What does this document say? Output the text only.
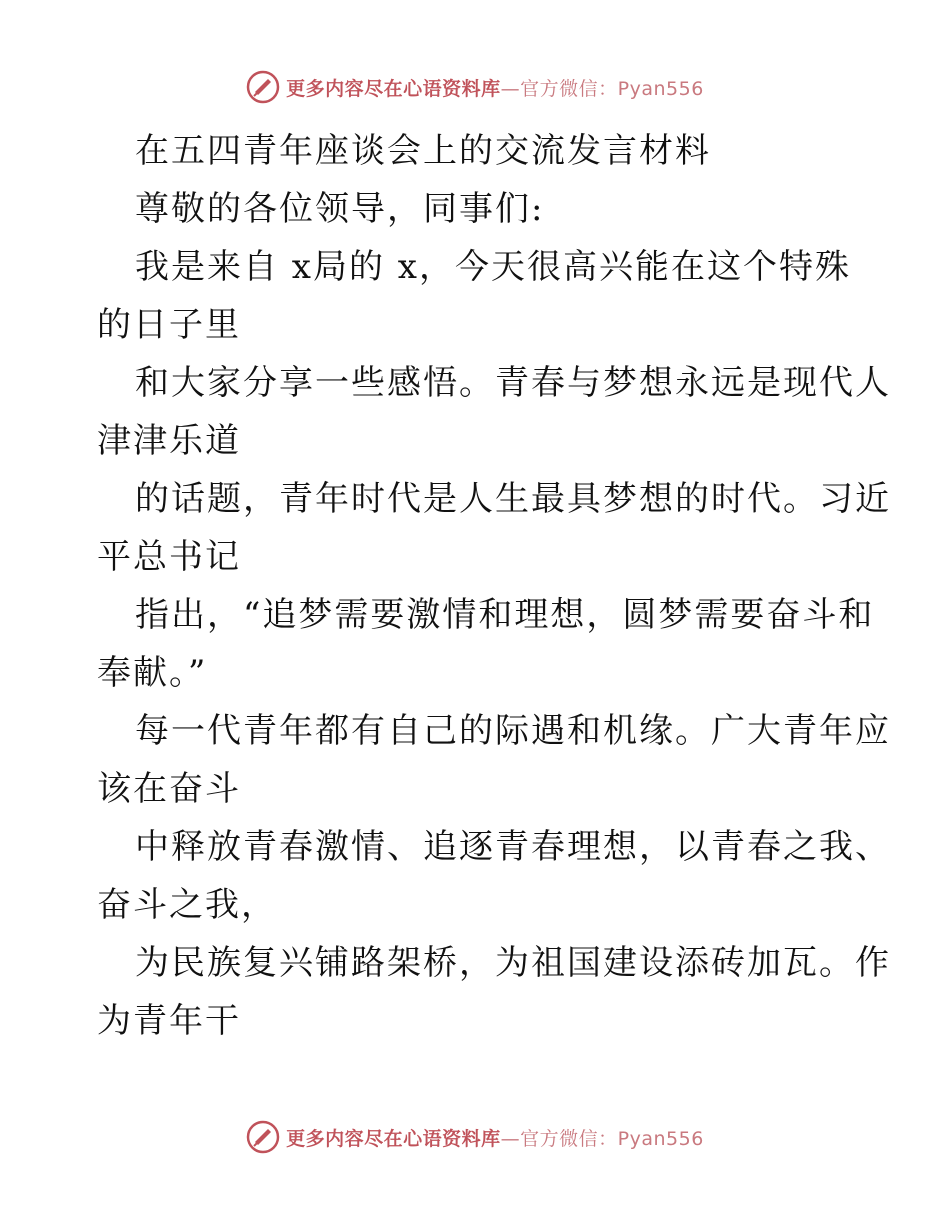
更多内容尽在心语资料库—官方微信：Pyan556
在五四青年座谈会上的交流发言材料
尊敬的各位领导，同事们:
我是来自 x局的 x，今天很高兴能在这个特殊
的日子里
和大家分享一些感悟。青春与梦想永远是现代人
津津乐道
的话题，青年时代是人生最具梦想的时代。习近
平总书记
指出，“追梦需要激情和理想，圆梦需要奋斗和
奉献。”
每一代青年都有自己的际遇和机缘。广大青年应
该在奋斗
中释放青春激情、追逐青春理想，以青春之我、
奋斗之我，
为民族复兴铺路架桥，为祖国建设添砖加瓦。作
为青年干
更多内容尽在心语资料库—官方微信：Pyan556
